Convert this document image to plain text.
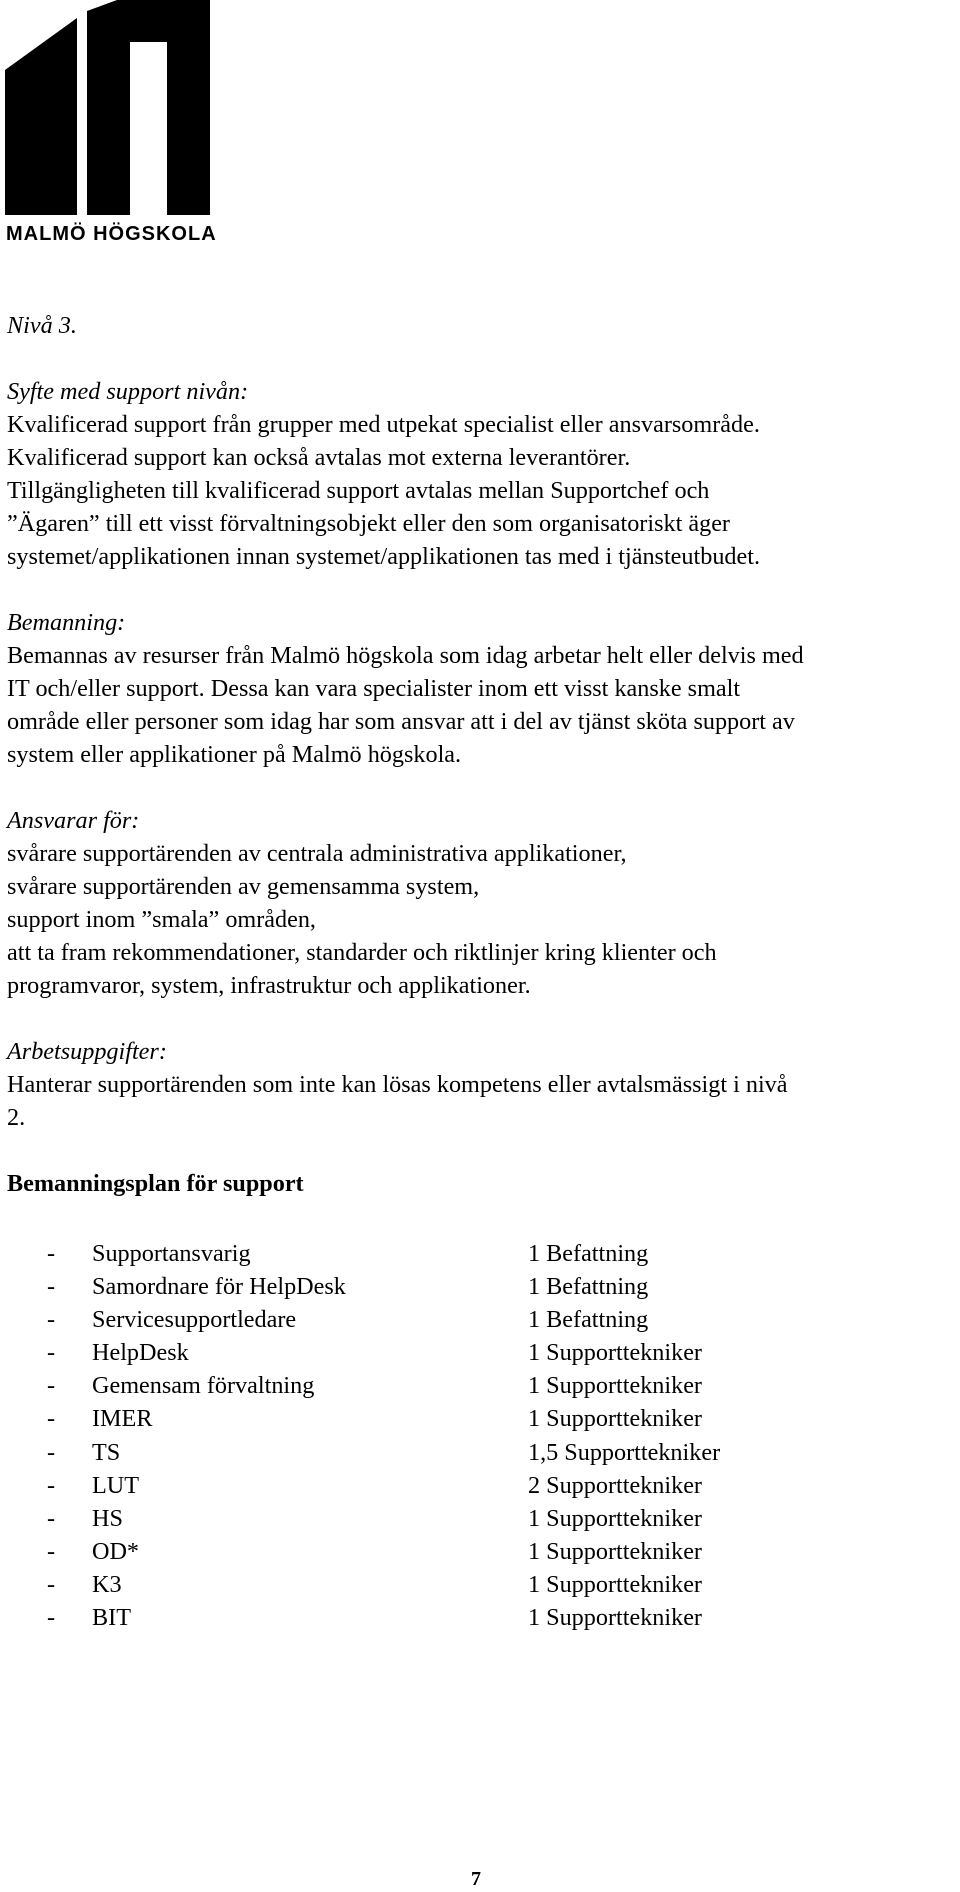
MALMÖ HÖGSKOLA
Nivå 3.
Syfte med support nivån:
Kvalificerad support från grupper med utpekat specialist eller ansvarsområde.
Kvalificerad support kan också avtalas mot externa leverantörer.
Tillgängligheten till kvalificerad support avtalas mellan Supportchef och
”Ägaren” till ett visst förvaltningsobjekt eller den som organisatoriskt äger
systemet/applikationen innan systemet/applikationen tas med i tjänsteutbudet.
Bemanning:
Bemannas av resurser från Malmö högskola som idag arbetar helt eller delvis med
IT och/eller support. Dessa kan vara specialister inom ett visst kanske smalt
område eller personer som idag har som ansvar att i del av tjänst sköta support av
system eller applikationer på Malmö högskola.
Ansvarar för:
svårare supportärenden av centrala administrativa applikationer,
svårare supportärenden av gemensamma system,
support inom ”smala” områden,
att ta fram rekommendationer, standarder och riktlinjer kring klienter och
programvaror, system, infrastruktur och applikationer.
Arbetsuppgifter:
Hanterar supportärenden som inte kan lösas kompetens eller avtalsmässigt i nivå
2.
Bemanningsplan för support
- Supportansvarig	1 Befattning
- Samordnare för HelpDesk	1 Befattning
- Servicesupportledare	1 Befattning
- HelpDesk	1 Supporttekniker
- Gemensam förvaltning	1 Supporttekniker
- IMER	1 Supporttekniker
- TS	1,5 Supporttekniker
- LUT	2 Supporttekniker
- HS	1 Supporttekniker
- OD*	1 Supporttekniker
- K3	1 Supporttekniker
- BIT	1 Supporttekniker
7
